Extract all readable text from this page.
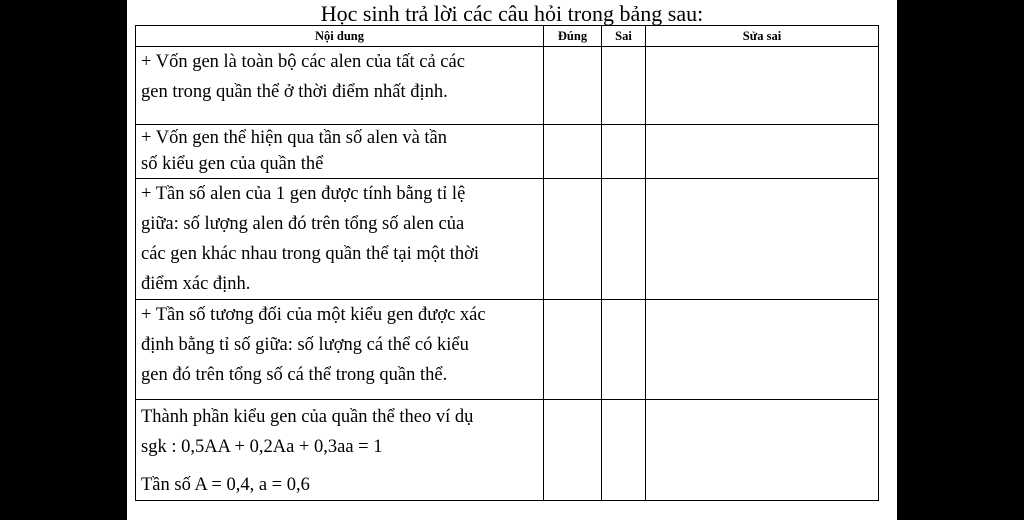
Học sinh trả lời các câu hỏi trong bảng sau:
Nội dung	Đúng	Sai	Sửa sai

+ Vốn gen là toàn bộ các alen của tất cả các
gen trong quần thể ở thời điểm nhất định.			

+ Vốn gen thể hiện qua tần số alen và tần
số kiểu gen của quần thể			

+ Tần số alen của 1 gen được tính bằng tỉ lệ
giữa: số lượng alen đó trên tổng số alen của
các gen khác nhau trong quần thể tại một thời
điểm xác định.			

+ Tần số tương đối của một kiểu gen được xác
định bằng tỉ số giữa: số lượng cá thể có kiểu
gen đó trên tổng số cá thể trong quần thể.			

Thành phần kiểu gen của quần thể theo ví dụ
sgk : 0,5AA + 0,2Aa + 0,3aa = 1
Tần số A = 0,4, a = 0,6			
